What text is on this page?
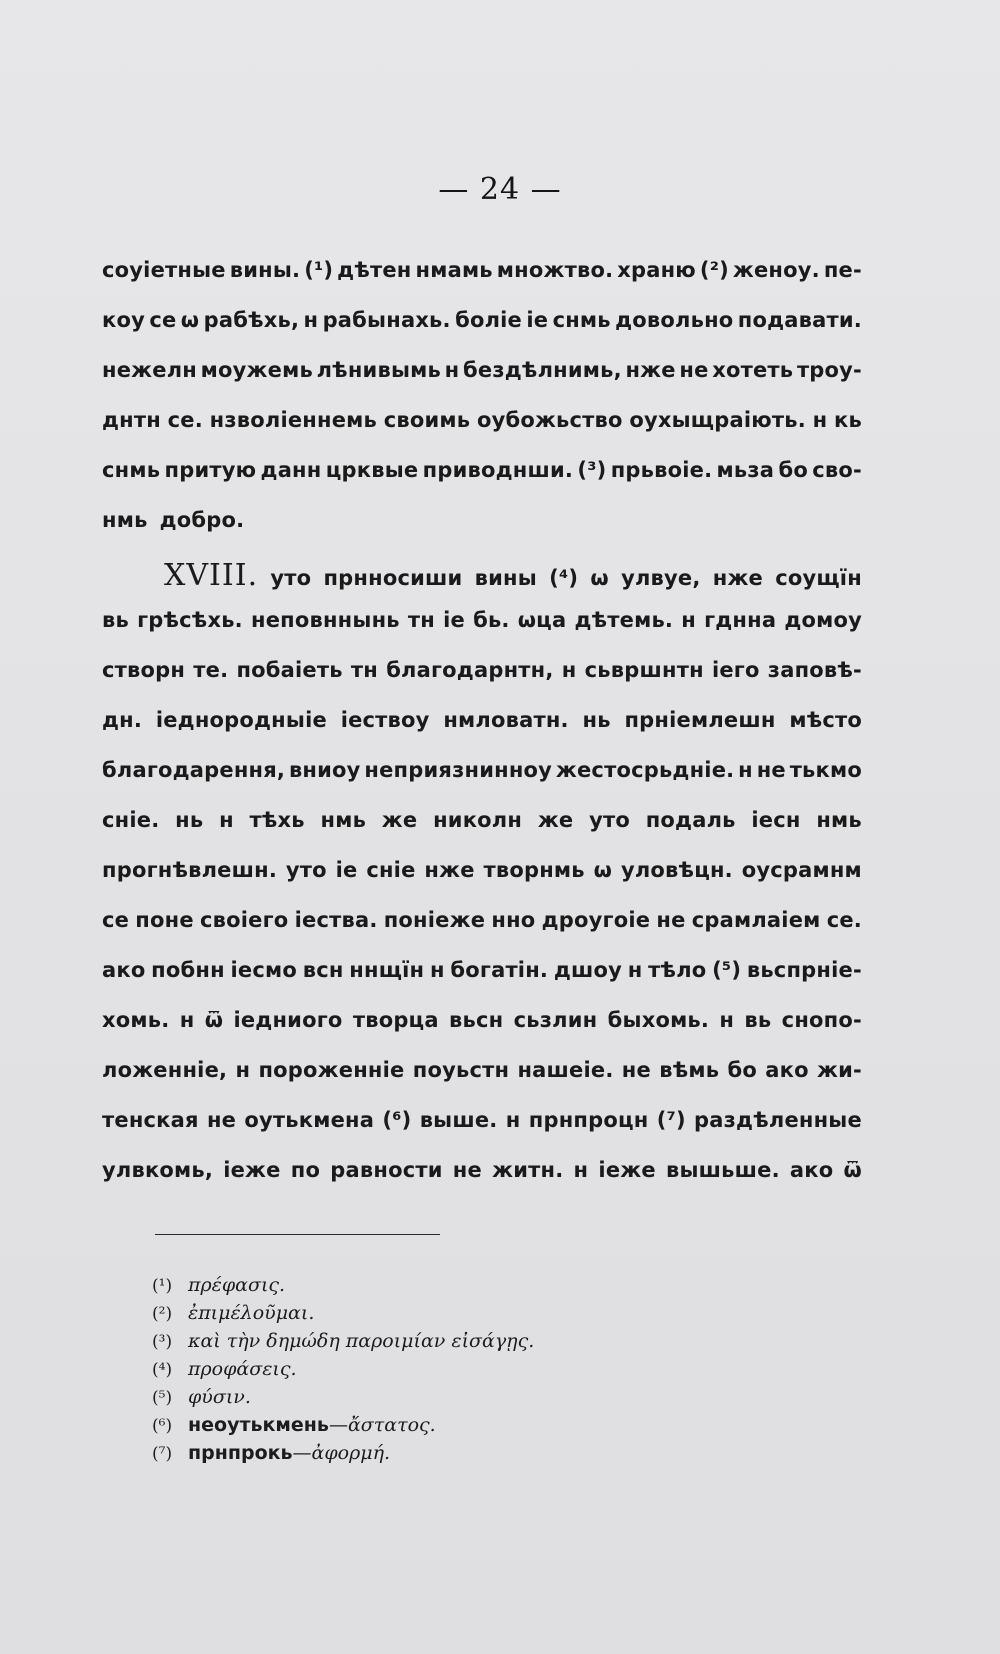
— 24 —
соуіетные вины. (¹) дѣтен нмамь множтво. храню (²) женоу. пе-
коу се ѡ рабѣхь, н рабынахь. боліе іе снмь довольно подавати.
нежелн моужемь лѣнивымь н бездѣлнимь, нже не хотеть троу-
днтн се. нзволіеннемь своимь оубожьство оухыщраіють. н кь
снмь притую данн црквые приводнши. (³) прьвоіе. мьза бо сво-
нмь добро.
XVIII. уто прнносиши вины (⁴) ѡ улвуе, нже соущїн
вь грѣсѣхь. неповннынь тн іе бь. ѡца дѣтемь. н гднна домоу
створн те. побаіеть тн благодарнтн, н сьвршнтн іего заповѣ-
дн. іеднородныіе іествоу нмловатн. нь прніемлешн мѣсто
благодарення, вниоу неприязнинноу жестосрьдніе. н не тькмо
сніе. нь н тѣхь нмь же николн же уто подаль іесн нмь
прогнѣвлешн. уто іе сніе нже творнмь ѡ уловѣцн. оусрамнм
се поне своіего іества. поніеже нно дроугоіе не срамлаіем се.
ако побнн іесмо всн ннщїн н богатін. дшоу н тѣло (⁵) вьспрніе-
хомь. н ѿ іедниого творца вьсн сьзлин быхомь. н вь снопо-
ложенніе, н пороженніе поуьстн нашеіе. не вѣмь бо ако жи-
тенская не оутькмена (⁶) выше. н прнпроцн (⁷) раздѣленные
улвкомь, іеже по равности не житн. н іеже вышьше. ако ѿ
(¹) πρέφασις.
(²) ἐπιμέλοῦμαι.
(³) καὶ τὴν δημώδη παροιμίαν εἰσάγῃς.
(⁴) προφάσεις.
(⁵) φύσιν.
(⁶) неоутькмень — ἄστατος.
(⁷) прнпрокь — ἀφορμή.
